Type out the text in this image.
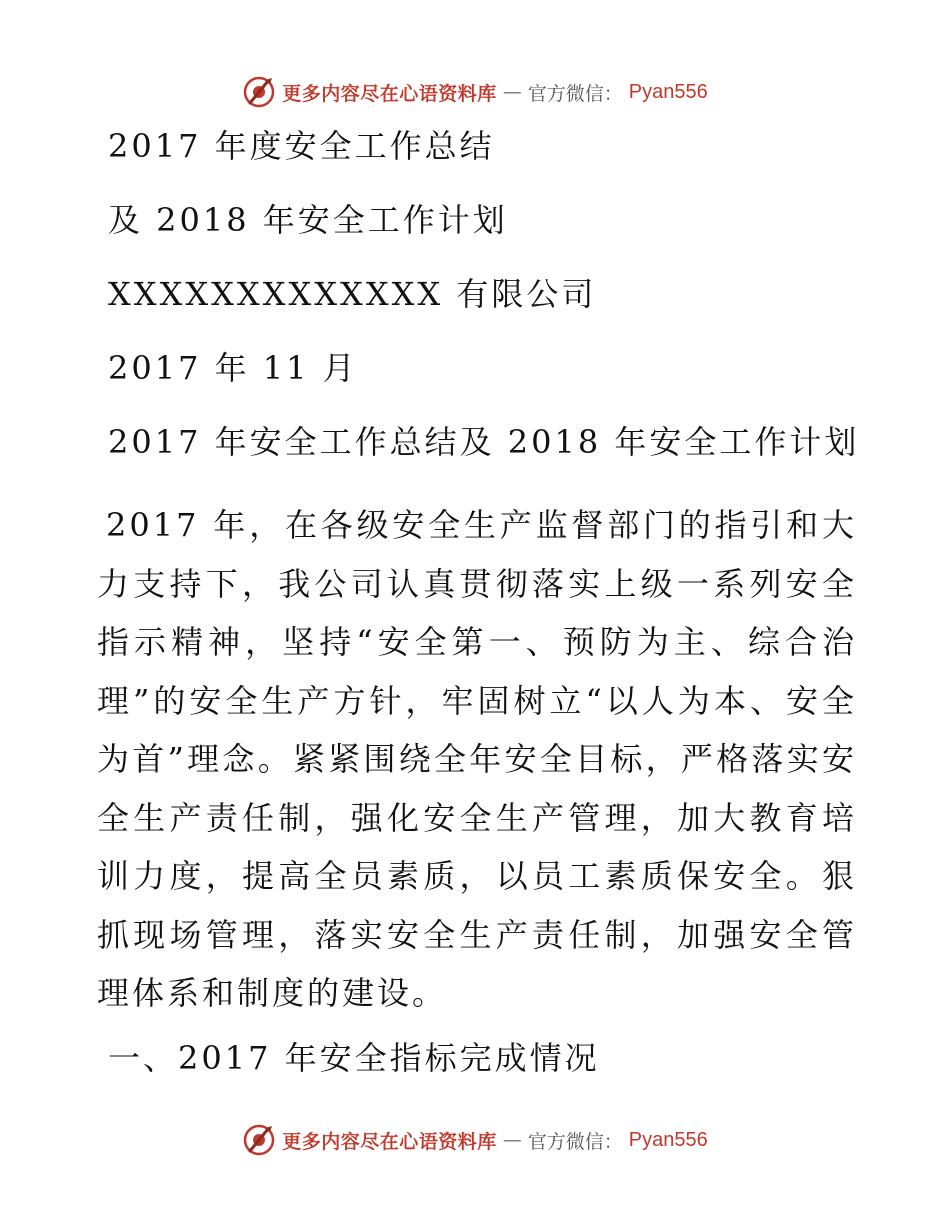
更多内容尽在心语资料库 — 官方微信： Pyan556
2017 年度安全工作总结
及 2018 年安全工作计划
XXXXXXXXXXXXX 有限公司
2017 年 11 月
2017 年安全工作总结及 2018 年安全工作计划

2017 年，在各级安全生产监督部门的指引和大力支持下，我公司认真贯彻落实上级一系列安全指示精神，坚持“安全第一、预防为主、综合治理”的安全生产方针，牢固树立“以人为本、安全为首”理念。紧紧围绕全年安全目标，严格落实安全生产责任制，强化安全生产管理，加大教育培训力度，提高全员素质，以员工素质保安全。狠抓现场管理，落实安全生产责任制，加强安全管理体系和制度的建设。

一、2017 年安全指标完成情况
更多内容尽在心语资料库 — 官方微信： Pyan556
